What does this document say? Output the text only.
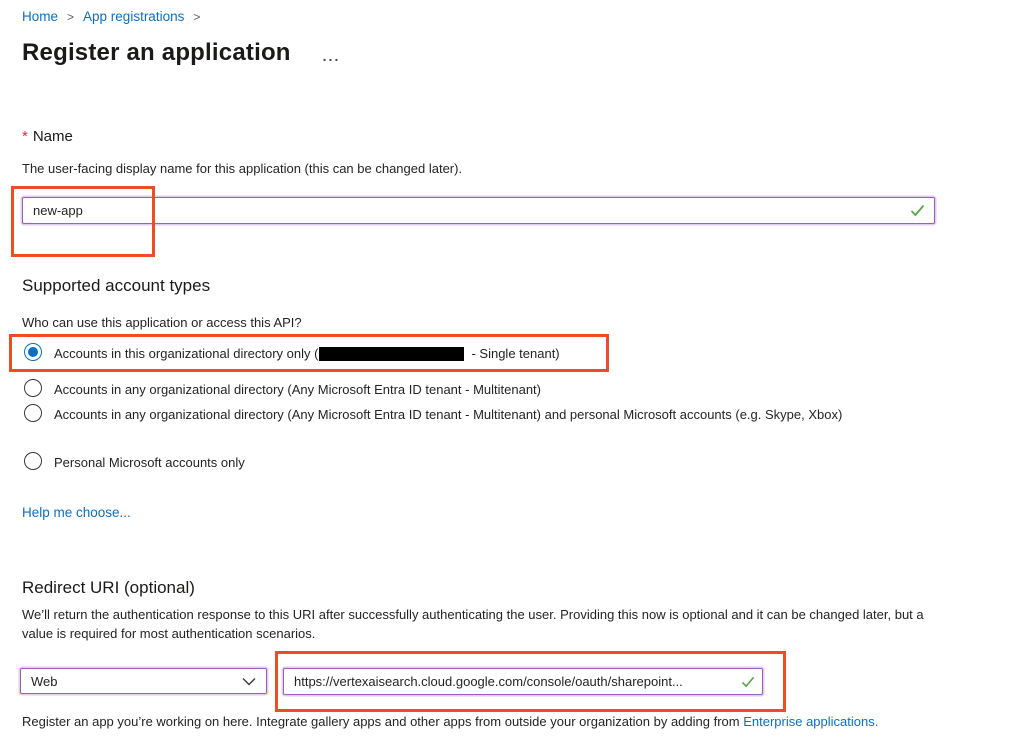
Home > App registrations >
Register an application ...
* Name
The user-facing display name for this application (this can be changed later).
new-app
Supported account types
Who can use this application or access this API?
Accounts in this organizational directory only (	- Single tenant)
Accounts in any organizational directory (Any Microsoft Entra ID tenant - Multitenant)
Accounts in any organizational directory (Any Microsoft Entra ID tenant - Multitenant) and personal Microsoft accounts (e.g. Skype, Xbox)
Personal Microsoft accounts only
Help me choose...
Redirect URI (optional)
We’ll return the authentication response to this URI after successfully authenticating the user. Providing this now is optional and it can be changed later, but a value is required for most authentication scenarios.
Web
https://vertexaisearch.cloud.google.com/console/oauth/sharepoint...
Register an app you’re working on here. Integrate gallery apps and other apps from outside your organization by adding from Enterprise applications.
